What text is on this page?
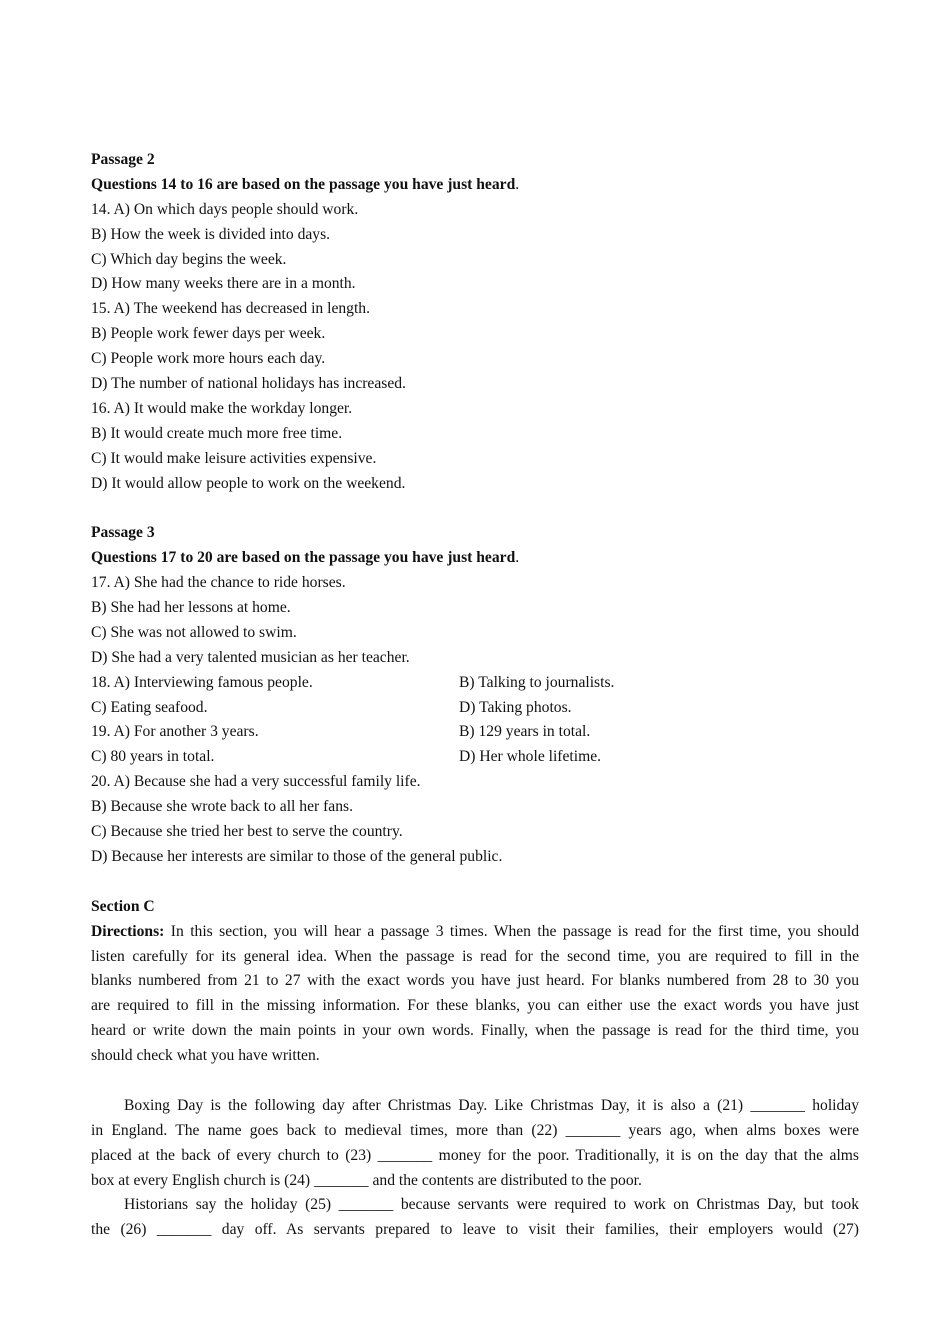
Passage 2
Questions 14 to 16 are based on the passage you have just heard.
14. A) On which days people should work.
B) How the week is divided into days.
C) Which day begins the week.
D) How many weeks there are in a month.
15. A) The weekend has decreased in length.
B) People work fewer days per week.
C) People work more hours each day.
D) The number of national holidays has increased.
16. A) It would make the workday longer.
B) It would create much more free time.
C) It would make leisure activities expensive.
D) It would allow people to work on the weekend.
Passage 3
Questions 17 to 20 are based on the passage you have just heard.
17. A) She had the chance to ride horses.
B) She had her lessons at home.
C) She was not allowed to swim.
D) She had a very talented musician as her teacher.
18. A) Interviewing famous people.	B) Talking to journalists.
C) Eating seafood.	D) Taking photos.
19. A) For another 3 years.	B) 129 years in total.
C) 80 years in total.	D) Her whole lifetime.
20. A) Because she had a very successful family life.
B) Because she wrote back to all her fans.
C) Because she tried her best to serve the country.
D) Because her interests are similar to those of the general public.
Section C
Directions: In this section, you will hear a passage 3 times. When the passage is read for the first time, you should
listen carefully for its general idea. When the passage is read for the second time, you are required to fill in the
blanks numbered from 21 to 27 with the exact words you have just heard. For blanks numbered from 28 to 30 you
are required to fill in the missing information. For these blanks, you can either use the exact words you have just
heard or write down the main points in your own words. Finally, when the passage is read for the third time, you
should check what you have written.
Boxing Day is the following day after Christmas Day. Like Christmas Day, it is also a (21) _______ holiday
in England. The name goes back to medieval times, more than (22) _______ years ago, when alms boxes were
placed at the back of every church to (23) _______ money for the poor. Traditionally, it is on the day that the alms
box at every English church is (24) _______ and the contents are distributed to the poor.
Historians say the holiday (25) _______ because servants were required to work on Christmas Day, but took
the (26) _______ day off. As servants prepared to leave to visit their families, their employers would (27)
